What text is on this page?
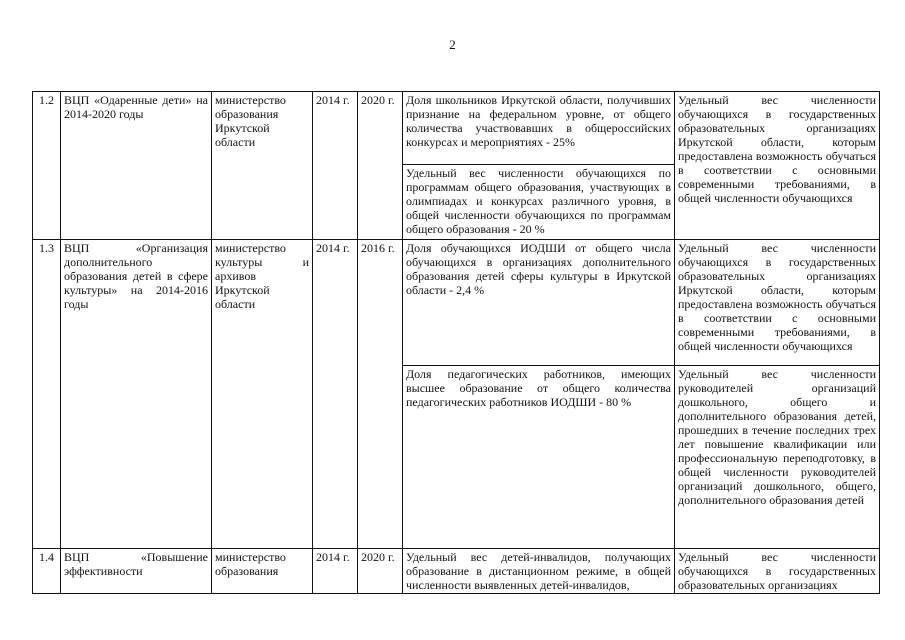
2
1.2	ВЦП «Одаренные дети» на 2014-2020 годы	министерство образования Иркутской области	2014 г.	2020 г.	Доля школьников Иркутской области, получивших признание на федеральном уровне, от общего количества участвовавших в общероссийских конкурсах и мероприятиях - 25%	Удельный вес численности обучающихся в государственных образовательных организациях Иркутской области, которым предоставлена возможность обучаться в соответствии с основными современными требованиями, в общей численности обучающихся
					Удельный вес численности обучающихся по программам общего образования, участвующих в олимпиадах и конкурсах различного уровня, в общей численности обучающихся по программам общего образования - 20 %	
1.3	ВЦП «Организация дополнительного образования детей в сфере культуры» на 2014-2016 годы	министерство культуры и архивов Иркутской области	2014 г.	2016 г.	Доля обучающихся ИОДШИ от общего числа обучающихся в организациях дополнительного образования детей сферы культуры в Иркутской области - 2,4 %	Удельный вес численности обучающихся в государственных образовательных организациях Иркутской области, которым предоставлена возможность обучаться в соответствии с основными современными требованиями, в общей численности обучающихся
					Доля педагогических работников, имеющих высшее образование от общего количества педагогических работников ИОДШИ - 80 %	Удельный вес численности руководителей организаций дошкольного, общего и дополнительного образования детей, прошедших в течение последних трех лет повышение квалификации или профессиональную переподготовку, в общей численности руководителей организаций дошкольного, общего, дополнительного образования детей
1.4	ВЦП «Повышение эффективности	министерство образования	2014 г.	2020 г.	Удельный вес детей-инвалидов, получающих образование в дистанционном режиме, в общей численности выявленных детей-инвалидов,	Удельный вес численности обучающихся в государственных образовательных организациях
